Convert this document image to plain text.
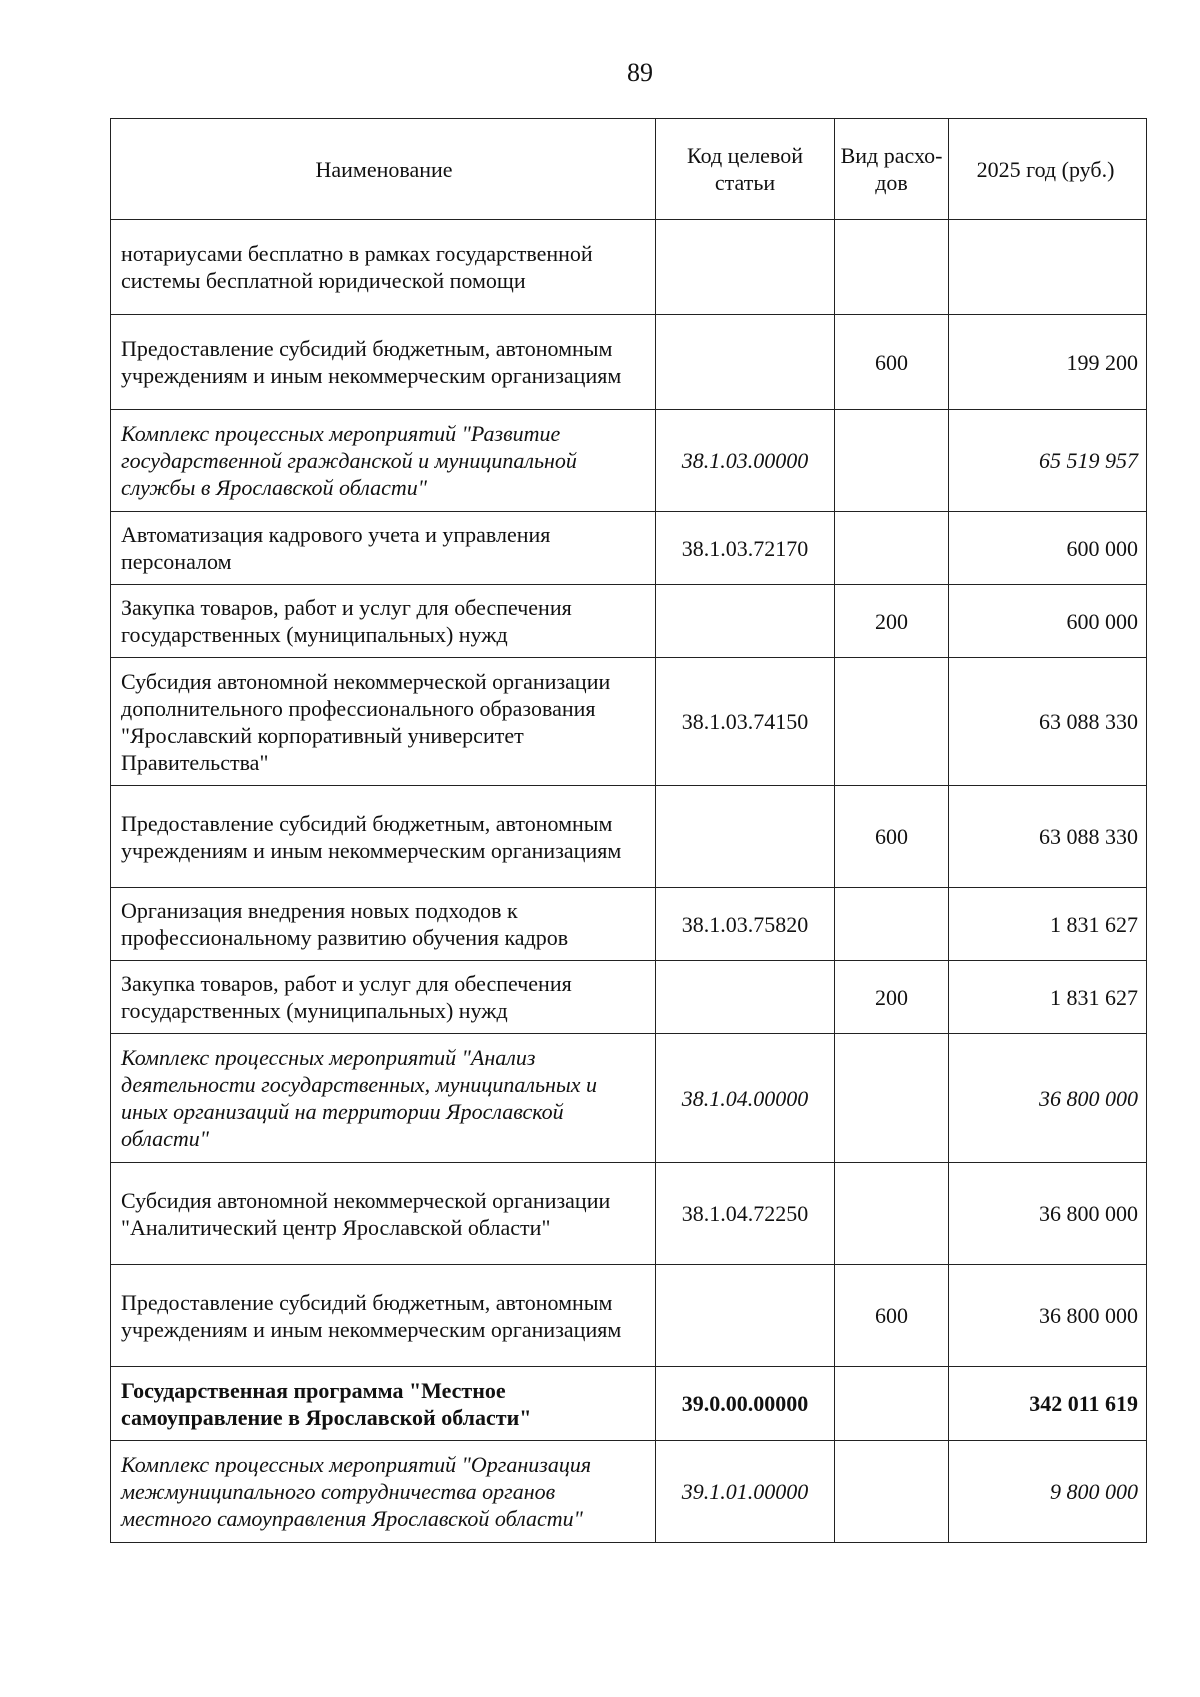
89
Наименование	Код целевой статьи	Вид расхо-дов	2025 год (руб.)
нотариусами бесплатно в рамках государственной системы бесплатной юридической помощи			
Предоставление субсидий бюджетным, автономным учреждениям и иным некоммерческим организациям		600	199 200
Комплекс процессных мероприятий "Развитие государственной гражданской и муниципальной службы в Ярославской области"	38.1.03.00000		65 519 957
Автоматизация кадрового учета и управления персоналом	38.1.03.72170		600 000
Закупка товаров, работ и услуг для обеспечения государственных (муниципальных) нужд		200	600 000
Субсидия автономной некоммерческой организации дополнительного профессионального образования "Ярославский корпоративный университет Правительства"	38.1.03.74150		63 088 330
Предоставление субсидий бюджетным, автономным учреждениям и иным некоммерческим организациям		600	63 088 330
Организация внедрения новых подходов к профессиональному развитию обучения кадров	38.1.03.75820		1 831 627
Закупка товаров, работ и услуг для обеспечения государственных (муниципальных) нужд		200	1 831 627
Комплекс процессных мероприятий "Анализ деятельности государственных, муниципальных и иных организаций на территории Ярославской области"	38.1.04.00000		36 800 000
Субсидия автономной некоммерческой организации "Аналитический центр Ярославской области"	38.1.04.72250		36 800 000
Предоставление субсидий бюджетным, автономным учреждениям и иным некоммерческим организациям		600	36 800 000
Государственная программа "Местное самоуправление в Ярославской области"	39.0.00.00000		342 011 619
Комплекс процессных мероприятий "Организация межмуниципального сотрудничества органов местного самоуправления Ярославской области"	39.1.01.00000		9 800 000
